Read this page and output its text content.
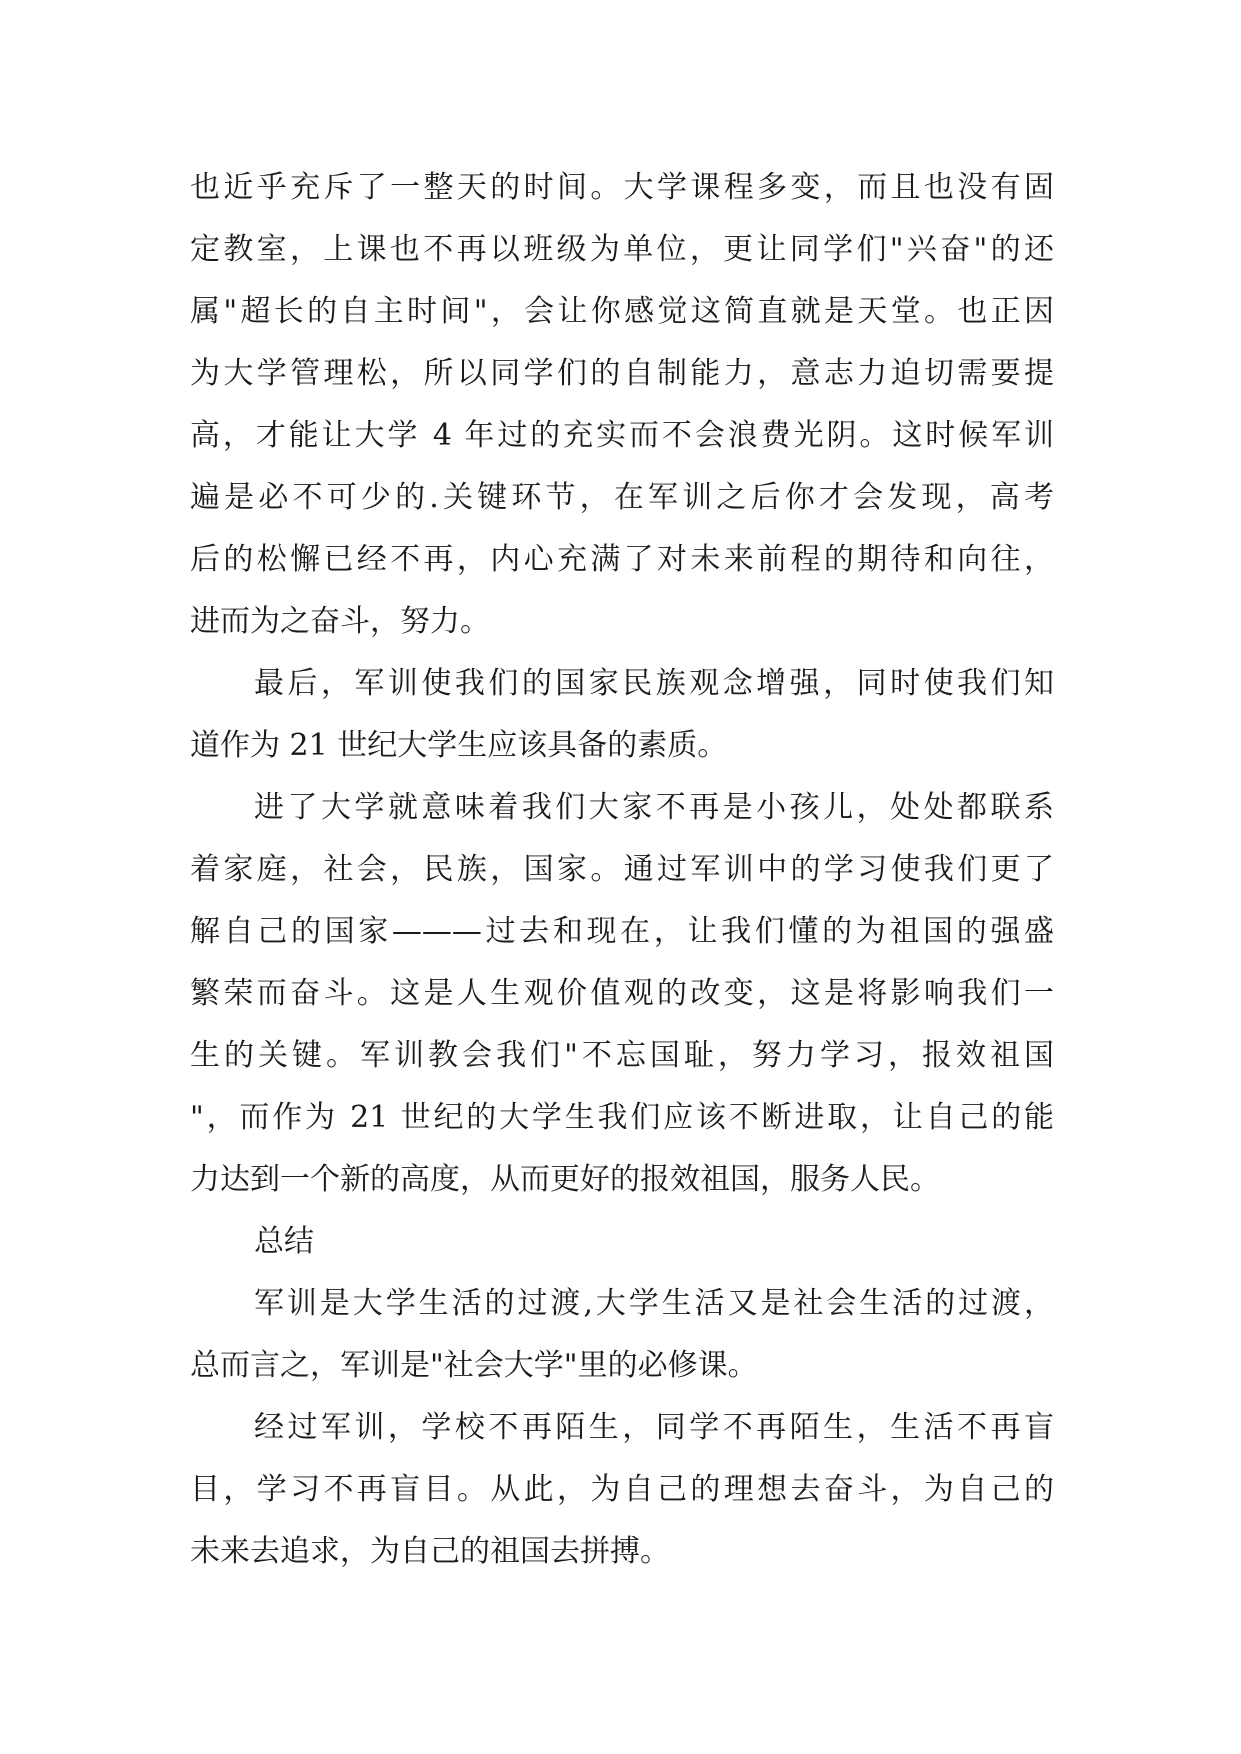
也近乎充斥了一整天的时间。大学课程多变，而且也没有固
定教室，上课也不再以班级为单位，更让同学们"兴奋"的还
属"超长的自主时间"，会让你感觉这简直就是天堂。也正因
为大学管理松，所以同学们的自制能力，意志力迫切需要提
高，才能让大学 4 年过的充实而不会浪费光阴。这时候军训
遍是必不可少的.关键环节，在军训之后你才会发现，高考
后的松懈已经不再，内心充满了对未来前程的期待和向往，
进而为之奋斗，努力。
最后，军训使我们的国家民族观念增强，同时使我们知
道作为 21 世纪大学生应该具备的素质。
进了大学就意味着我们大家不再是小孩儿，处处都联系
着家庭，社会，民族，国家。通过军训中的学习使我们更了
解自己的国家———过去和现在，让我们懂的为祖国的强盛
繁荣而奋斗。这是人生观价值观的改变，这是将影响我们一
生的关键。军训教会我们"不忘国耻，努力学习，报效祖国
"，而作为 21 世纪的大学生我们应该不断进取，让自己的能
力达到一个新的高度，从而更好的报效祖国，服务人民。
总结
军训是大学生活的过渡,大学生活又是社会生活的过渡，
总而言之，军训是"社会大学"里的必修课。
经过军训，学校不再陌生，同学不再陌生，生活不再盲
目，学习不再盲目。从此，为自己的理想去奋斗，为自己的
未来去追求，为自己的祖国去拼搏。
